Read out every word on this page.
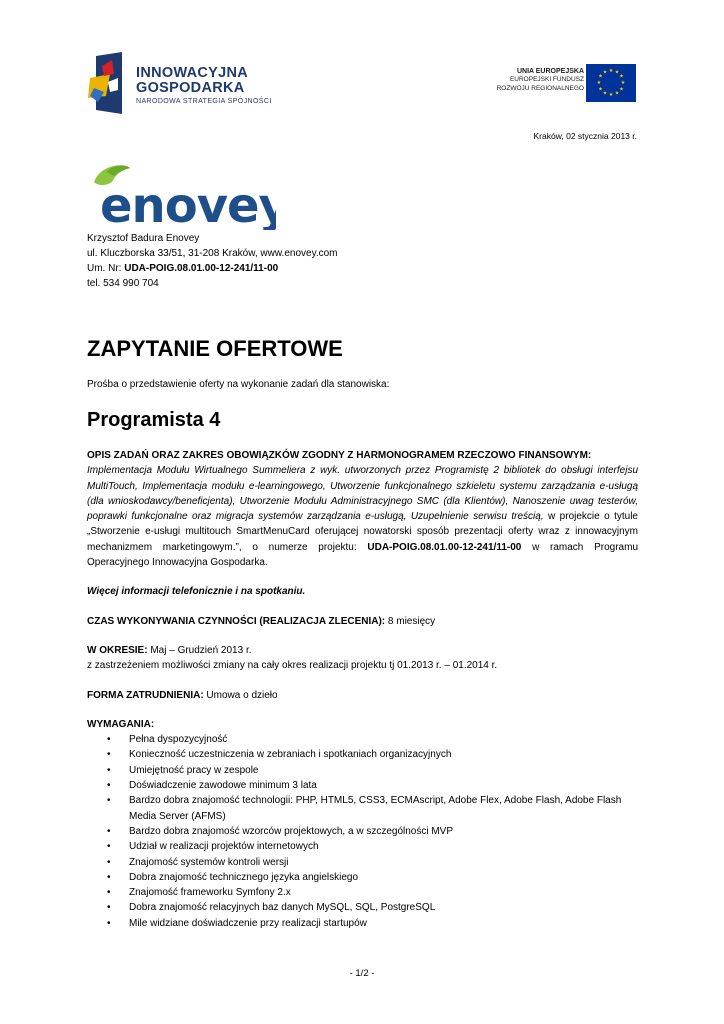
INNOWACYJNA
GOSPODARKA
NARODOWA STRATEGIA SPÓJNOŚCI
UNIA EUROPEJSKA
EUROPEJSKI FUNDUSZ
ROZWOJU REGIONALNEGO
★ ★
★
★
★
★
★
★
★
★
★
★
Kraków, 02 stycznia 2013 r.
enovey
Krzysztof Badura Enovey
ul. Kluczborska 33/51, 31-208 Kraków, www.enovey.com
Um. Nr: UDA-POIG.08.01.00-12-241/11-00
tel. 534 990 704
ZAPYTANIE OFERTOWE
Prośba o przedstawienie oferty na wykonanie zadań dla stanowiska:
Programista 4

OPIS ZADAŃ ORAZ ZAKRES OBOWIĄZKÓW ZGODNY Z HARMONOGRAMEM RZECZOWO FINANSOWYM:

Implementacja Modułu Wirtualnego Summeliera z wyk. utworzonych przez Programistę 2 bibliotek do obsługi interfejsu MultiTouch, Implementacja modułu e-learningowego, Utworzenie funkcjonalnego szkieletu systemu zarządzania e-usługą (dla wnioskodawcy/beneficjenta), Utworzenie Modułu Administracyjnego SMC (dla Klientów), Nanoszenie uwag testerów, poprawki funkcjonalne oraz migracja systemów zarządzania e-usługą, Uzupełnienie serwisu treścią, w projekcie o tytule „Stworzenie e-usługi multitouch SmartMenuCard oferującej nowatorski sposób prezentacji oferty wraz z innowacyjnym mechanizmem marketingowym.”, o numerze projektu: UDA-POIG.08.01.00-12-241/11-00 w ramach Programu Operacyjnego Innowacyjna Gospodarka.

Więcej informacji telefonicznie i na spotkaniu.

CZAS WYKONYWANIA CZYNNOŚCI (REALIZACJA ZLECENIA): 8 miesięcy

W OKRESIE: Maj – Grudzień 2013 r.

z zastrzeżeniem możliwości zmiany na cały okres realizacji projektu tj 01.2013 r. – 01.2014 r.

FORMA ZATRUDNIENIA: Umowa o dzieło

WYMAGANIA:

• Pełna dyspozycyjność
• Konieczność uczestniczenia w zebraniach i spotkaniach organizacyjnych
• Umiejętność pracy w zespole
• Doświadczenie zawodowe minimum 3 lata
• Bardzo dobra znajomość technologii: PHP, HTML5, CSS3, ECMAscript, Adobe Flex, Adobe Flash, Adobe Flash Media Server (AFMS)
• Bardzo dobra znajomość wzorców projektowych, a w szczególności MVP
• Udział w realizacji projektów internetowych
• Znajomość systemów kontroli wersji
• Dobra znajomość technicznego języka angielskiego
• Znajomość frameworku Symfony 2.x
• Dobra znajomość relacyjnych baz danych MySQL, SQL, PostgreSQL
• Mile widziane doświadczenie przy realizacji startupów
- 1/2 -
